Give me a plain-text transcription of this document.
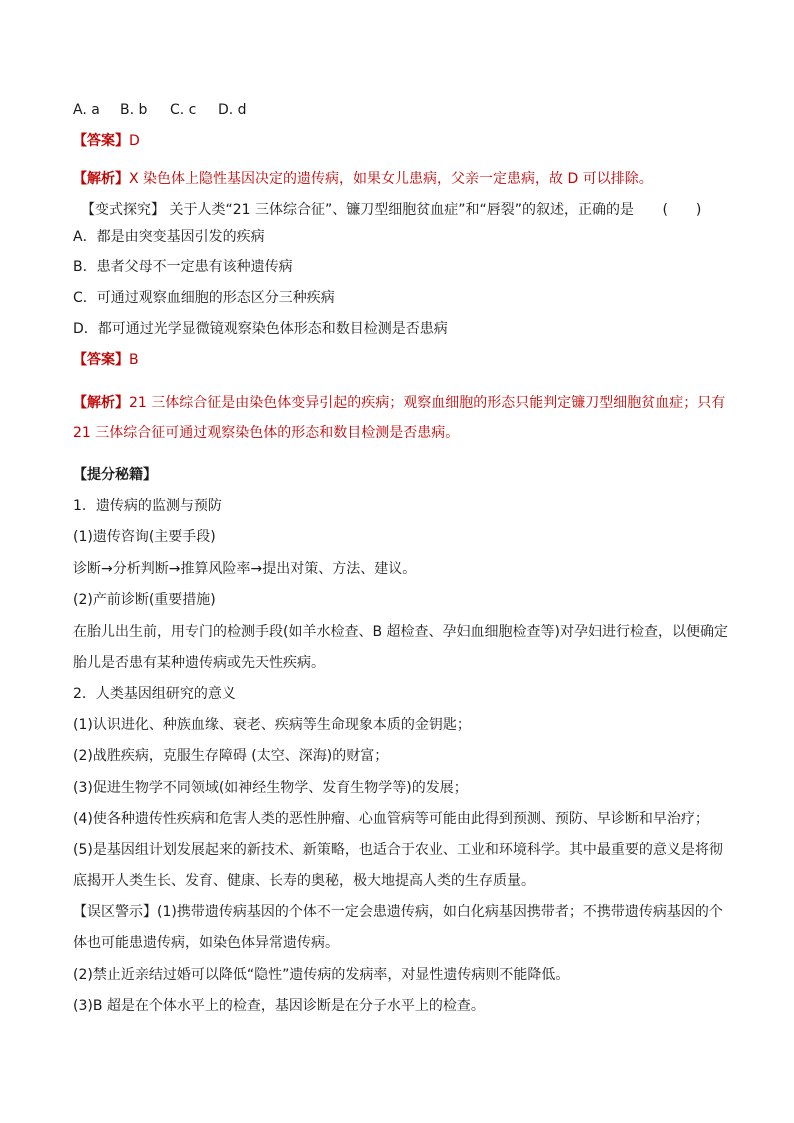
A. a B. b C. c D. d
【答案】D
【解析】X 染色体上隐性基因决定的遗传病，如果女儿患病，父亲一定患病，故 D 可以排除。
【变式探究】 关于人类“21 三体综合征”、镰刀型细胞贫血症”和“唇裂”的叙述，正确的是 (　　)
A．都是由突变基因引发的疾病
B．患者父母不一定患有该种遗传病
C．可通过观察血细胞的形态区分三种疾病
D．都可通过光学显微镜观察染色体形态和数目检测是否患病
【答案】B
【解析】21 三体综合征是由染色体变异引起的疾病；观察血细胞的形态只能判定镰刀型细胞贫血症；只有
21 三体综合征可通过观察染色体的形态和数目检测是否患病。
【提分秘籍】
1．遗传病的监测与预防
(1)遗传咨询(主要手段)
诊断→分析判断→推算风险率→提出对策、方法、建议。
(2)产前诊断(重要措施)
在胎儿出生前，用专门的检测手段(如羊水检查、B 超检查、孕妇血细胞检查等)对孕妇进行检查，以便确定
胎儿是否患有某种遗传病或先天性疾病。
2．人类基因组研究的意义
(1)认识进化、种族血缘、衰老、疾病等生命现象本质的金钥匙；
(2)战胜疾病，克服生存障碍 (太空、深海)的财富；
(3)促进生物学不同领域(如神经生物学、发育生物学等)的发展；
(4)使各种遗传性疾病和危害人类的恶性肿瘤、心血管病等可能由此得到预测、预防、早诊断和早治疗；
(5)是基因组计划发展起来的新技术、新策略，也适合于农业、工业和环境科学。其中最重要的意义是将彻
底揭开人类生长、发育、健康、长寿的奥秘，极大地提高人类的生存质量。
【误区警示】(1)携带遗传病基因的个体不一定会患遗传病，如白化病基因携带者；不携带遗传病基因的个
体也可能患遗传病，如染色体异常遗传病。
(2)禁止近亲结过婚可以降低“隐性”遗传病的发病率，对显性遗传病则不能降低。
(3)B 超是在个体水平上的检查，基因诊断是在分子水平上的检查。
